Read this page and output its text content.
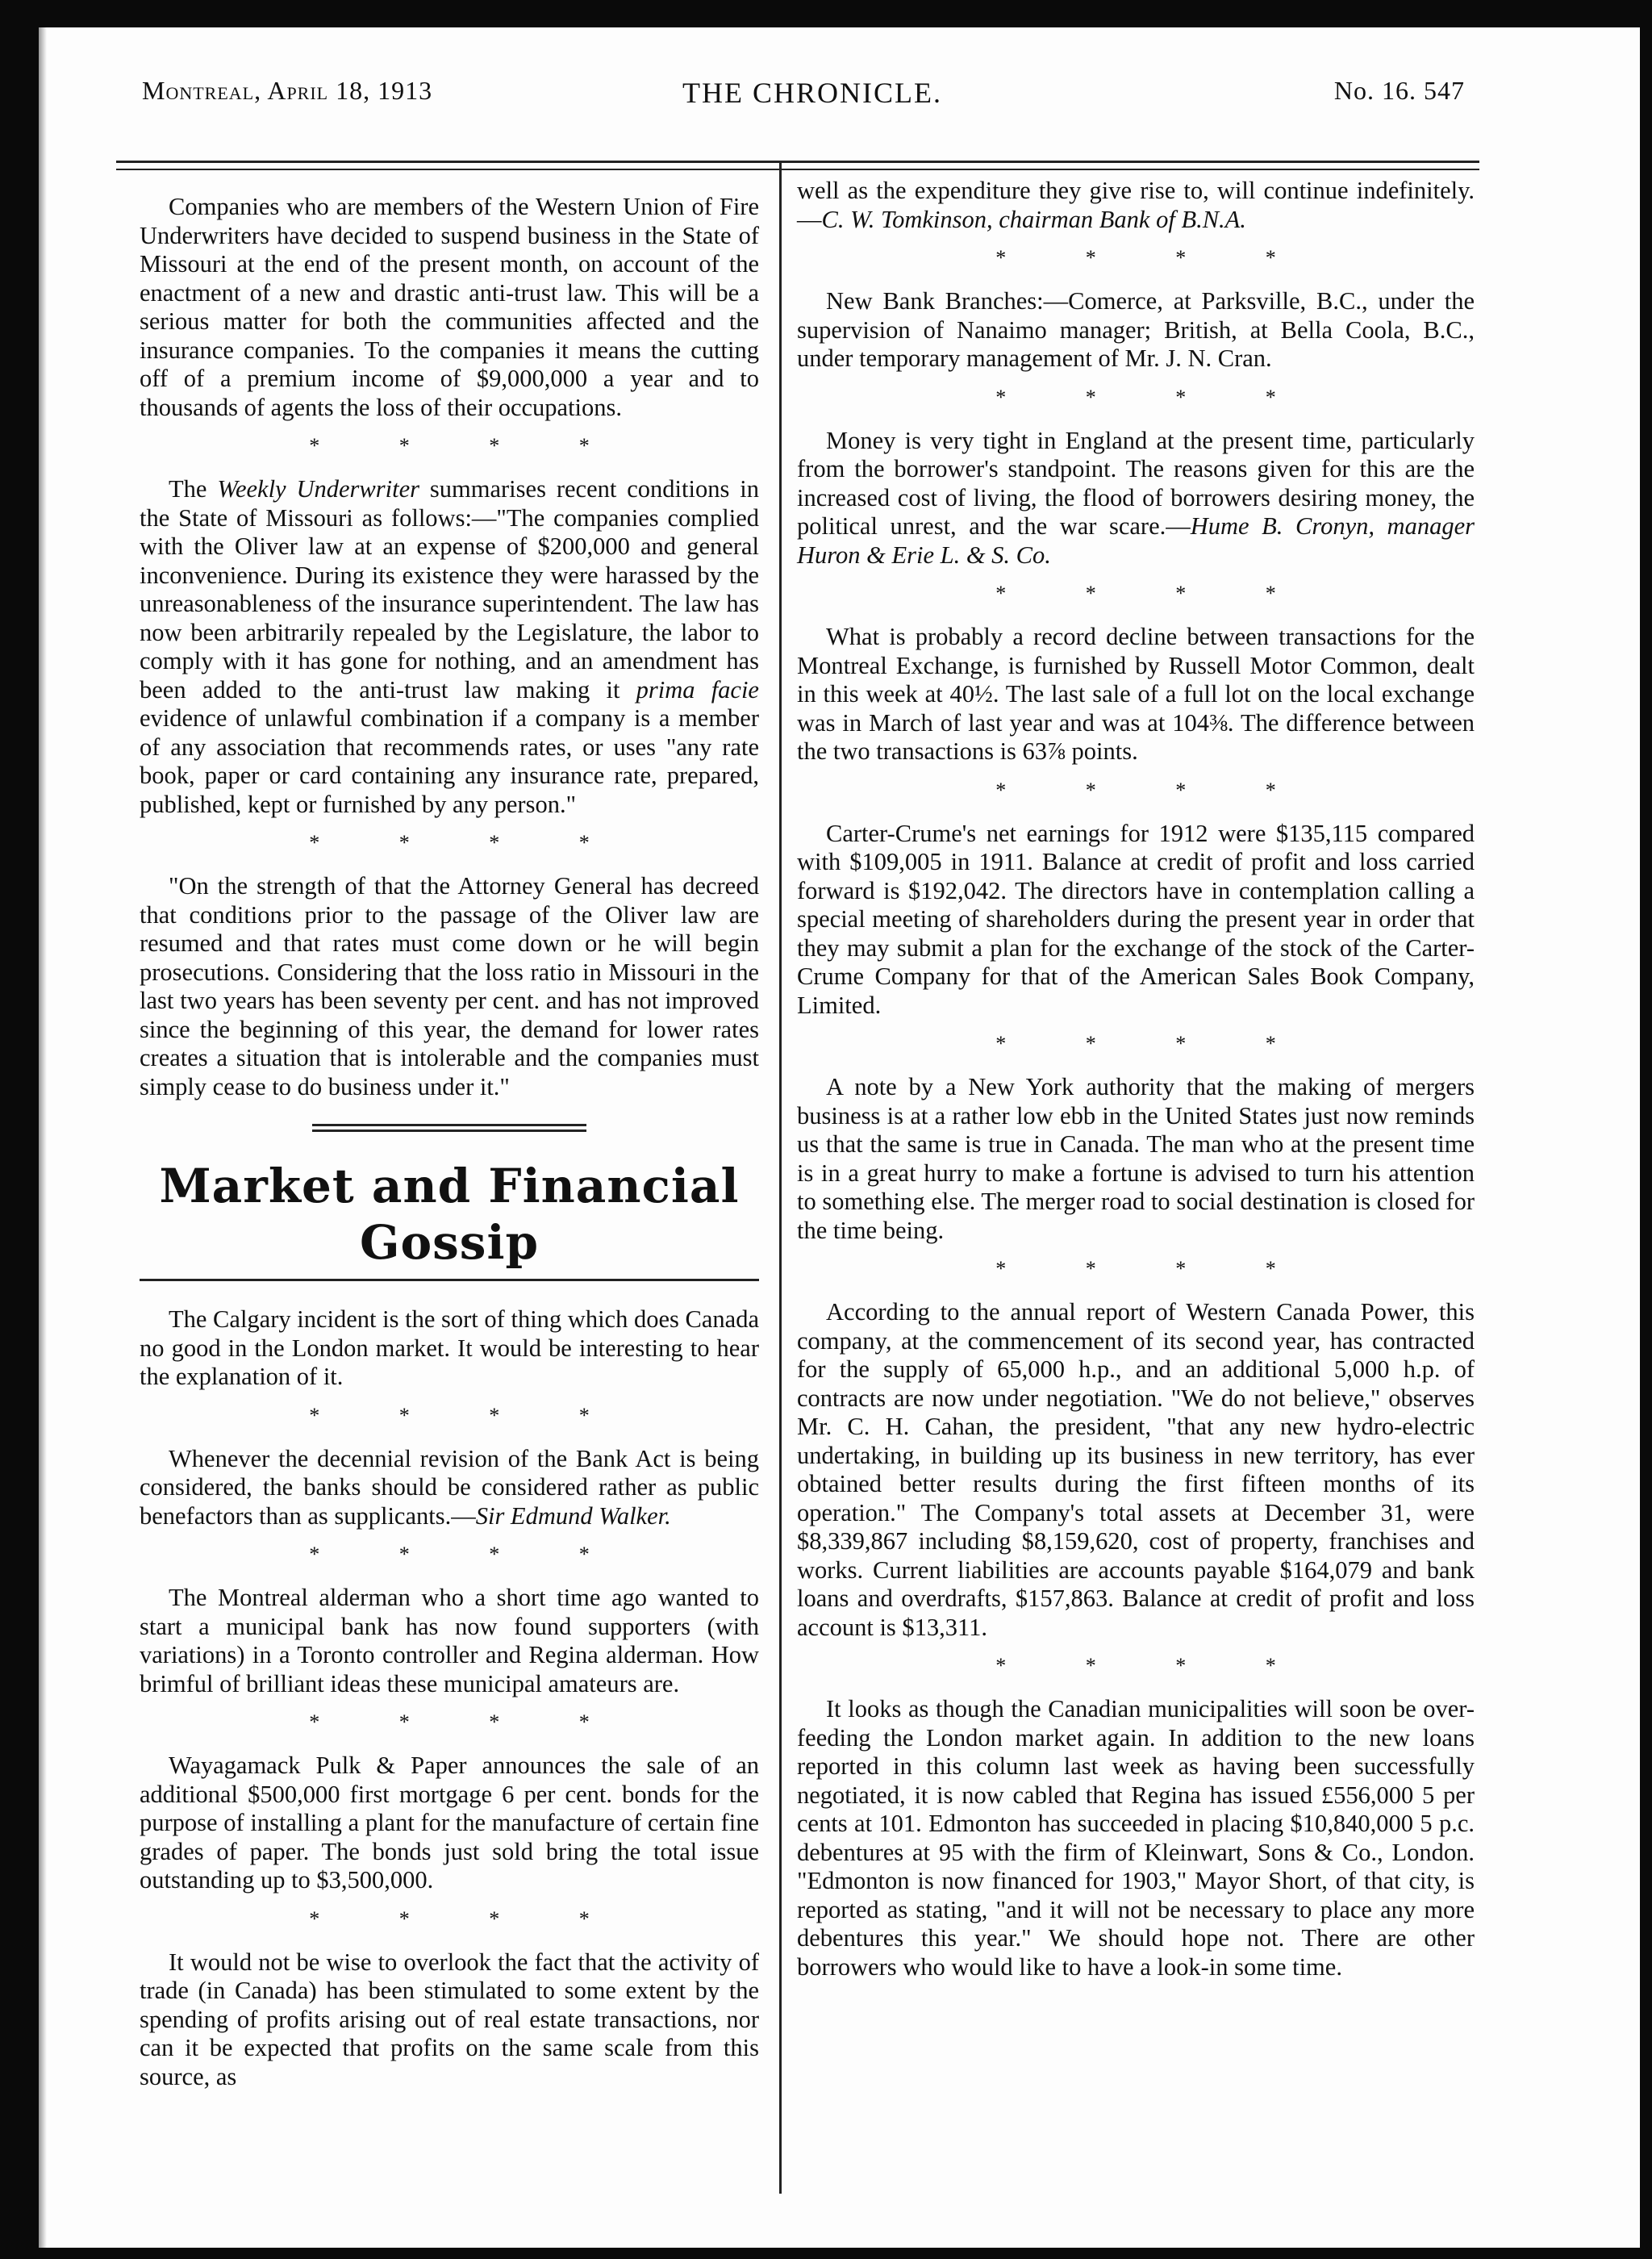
Montreal, April 18, 1913	THE CHRONICLE.	No. 16. 547

Companies who are members of the Western Union of Fire Underwriters have decided to suspend business in the State of Missouri at the end of the present month, on account of the enactment of a new and drastic anti-trust law. This will be a serious matter for both the communities affected and the insurance companies. To the companies it means the cutting off of a premium income of $9,000,000 a year and to thousands of agents the loss of their occupations.

* * * *

The Weekly Underwriter summarises recent conditions in the State of Missouri as follows:—"The companies complied with the Oliver law at an expense of $200,000 and general inconvenience. During its existence they were harassed by the unreasonableness of the insurance superintendent. The law has now been arbitrarily repealed by the Legislature, the labor to comply with it has gone for nothing, and an amendment has been added to the anti-trust law making it prima facie evidence of unlawful combination if a company is a member of any association that recommends rates, or uses "any rate book, paper or card containing any insurance rate, prepared, published, kept or furnished by any person."

* * * *

"On the strength of that the Attorney General has decreed that conditions prior to the passage of the Oliver law are resumed and that rates must come down or he will begin prosecutions. Considering that the loss ratio in Missouri in the last two years has been seventy per cent. and has not improved since the beginning of this year, the demand for lower rates creates a situation that is intolerable and the companies must simply cease to do business under it."

Market and Financial Gossip

The Calgary incident is the sort of thing which does Canada no good in the London market. It would be interesting to hear the explanation of it.

* * * *

Whenever the decennial revision of the Bank Act is being considered, the banks should be considered rather as public benefactors than as supplicants.—Sir Edmund Walker.

* * * *

The Montreal alderman who a short time ago wanted to start a municipal bank has now found supporters (with variations) in a Toronto controller and Regina alderman. How brimful of brilliant ideas these municipal amateurs are.

* * * *

Wayagamack Pulk & Paper announces the sale of an additional $500,000 first mortgage 6 per cent. bonds for the purpose of installing a plant for the manufacture of certain fine grades of paper. The bonds just sold bring the total issue outstanding up to $3,500,000.

* * * *

It would not be wise to overlook the fact that the activity of trade (in Canada) has been stimulated to some extent by the spending of profits arising out of real estate transactions, nor can it be expected that profits on the same scale from this source, as

well as the expenditure they give rise to, will continue indefinitely.—C. W. Tomkinson, chairman Bank of B.N.A.

* * * *

New Bank Branches:—Comerce, at Parksville, B.C., under the supervision of Nanaimo manager; British, at Bella Coola, B.C., under temporary management of Mr. J. N. Cran.

* * * *

Money is very tight in England at the present time, particularly from the borrower's standpoint. The reasons given for this are the increased cost of living, the flood of borrowers desiring money, the political unrest, and the war scare.—Hume B. Cronyn, manager Huron & Erie L. & S. Co.

* * * *

What is probably a record decline between transactions for the Montreal Exchange, is furnished by Russell Motor Common, dealt in this week at 40½. The last sale of a full lot on the local exchange was in March of last year and was at 104⅜. The difference between the two transactions is 63⅞ points.

* * * *

Carter-Crume's net earnings for 1912 were $135,115 compared with $109,005 in 1911. Balance at credit of profit and loss carried forward is $192,042. The directors have in contemplation calling a special meeting of shareholders during the present year in order that they may submit a plan for the exchange of the stock of the Carter-Crume Company for that of the American Sales Book Company, Limited.

* * * *

A note by a New York authority that the making of mergers business is at a rather low ebb in the United States just now reminds us that the same is true in Canada. The man who at the present time is in a great hurry to make a fortune is advised to turn his attention to something else. The merger road to social destination is closed for the time being.

* * * *

According to the annual report of Western Canada Power, this company, at the commencement of its second year, has contracted for the supply of 65,000 h.p., and an additional 5,000 h.p. of contracts are now under negotiation. "We do not believe," observes Mr. C. H. Cahan, the president, "that any new hydro-electric undertaking, in building up its business in new territory, has ever obtained better results during the first fifteen months of its operation." The Company's total assets at December 31, were $8,339,867 including $8,159,620, cost of property, franchises and works. Current liabilities are accounts payable $164,079 and bank loans and overdrafts, $157,863. Balance at credit of profit and loss account is $13,311.

* * * *

It looks as though the Canadian municipalities will soon be over-feeding the London market again. In addition to the new loans reported in this column last week as having been successfully negotiated, it is now cabled that Regina has issued £556,000 5 per cents at 101. Edmonton has succeeded in placing $10,840,000 5 p.c. debentures at 95 with the firm of Kleinwart, Sons & Co., London. "Edmonton is now financed for 1903," Mayor Short, of that city, is reported as stating, "and it will not be necessary to place any more debentures this year." We should hope not. There are other borrowers who would like to have a look-in some time.
